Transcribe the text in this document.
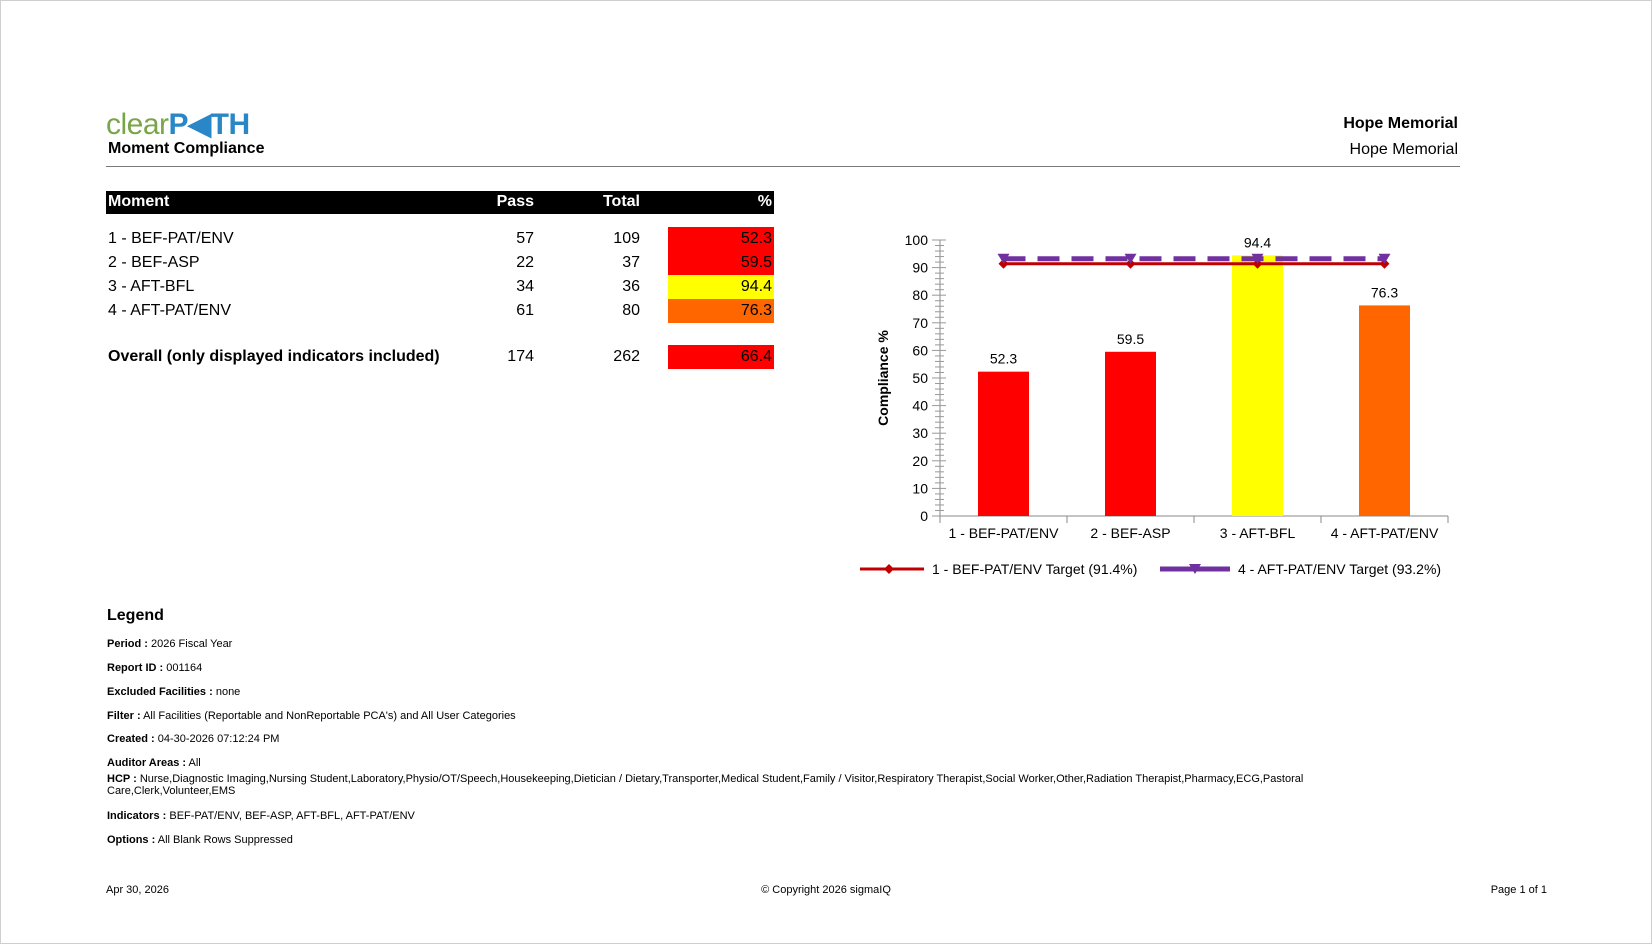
clearP◀TH
Moment Compliance
Hope Memorial
Hope Memorial
Moment	Pass	Total	%
1 - BEF-PAT/ENV	57	109	52.3
2 - BEF-ASP	22	37	59.5
3 - AFT-BFL	34	36	94.4
4 - AFT-PAT/ENV	61	80	76.3
Overall (only displayed indicators included)	174	262	66.4
0
10
20
30
40
50
60
70
80
90
100
Compliance %	52.3
1 - BEF-PAT/ENV
59.5
2 - BEF-ASP
94.4
3 - AFT-BFL
76.3
4 - AFT-PAT/ENV
1 - BEF-PAT/ENV Target (91.4%)	4 - AFT-PAT/ENV Target (93.2%)
Legend
Period : 2026 Fiscal Year
Report ID : 001164
Excluded Facilities : none
Filter : All Facilities (Reportable and NonReportable PCA's) and All User Categories
Created : 04-30-2026 07:12:24 PM
Auditor Areas : All
HCP : Nurse,Diagnostic Imaging,Nursing Student,Laboratory,Physio/OT/Speech,Housekeeping,Dietician / Dietary,Transporter,Medical Student,Family / Visitor,Respiratory Therapist,Social Worker,Other,Radiation Therapist,Pharmacy,ECG,Pastoral Care,Clerk,Volunteer,EMS
Indicators : BEF-PAT/ENV, BEF-ASP, AFT-BFL, AFT-PAT/ENV
Options : All Blank Rows Suppressed
Apr 30, 2026	© Copyright 2026 sigmaIQ	Page 1 of 1
